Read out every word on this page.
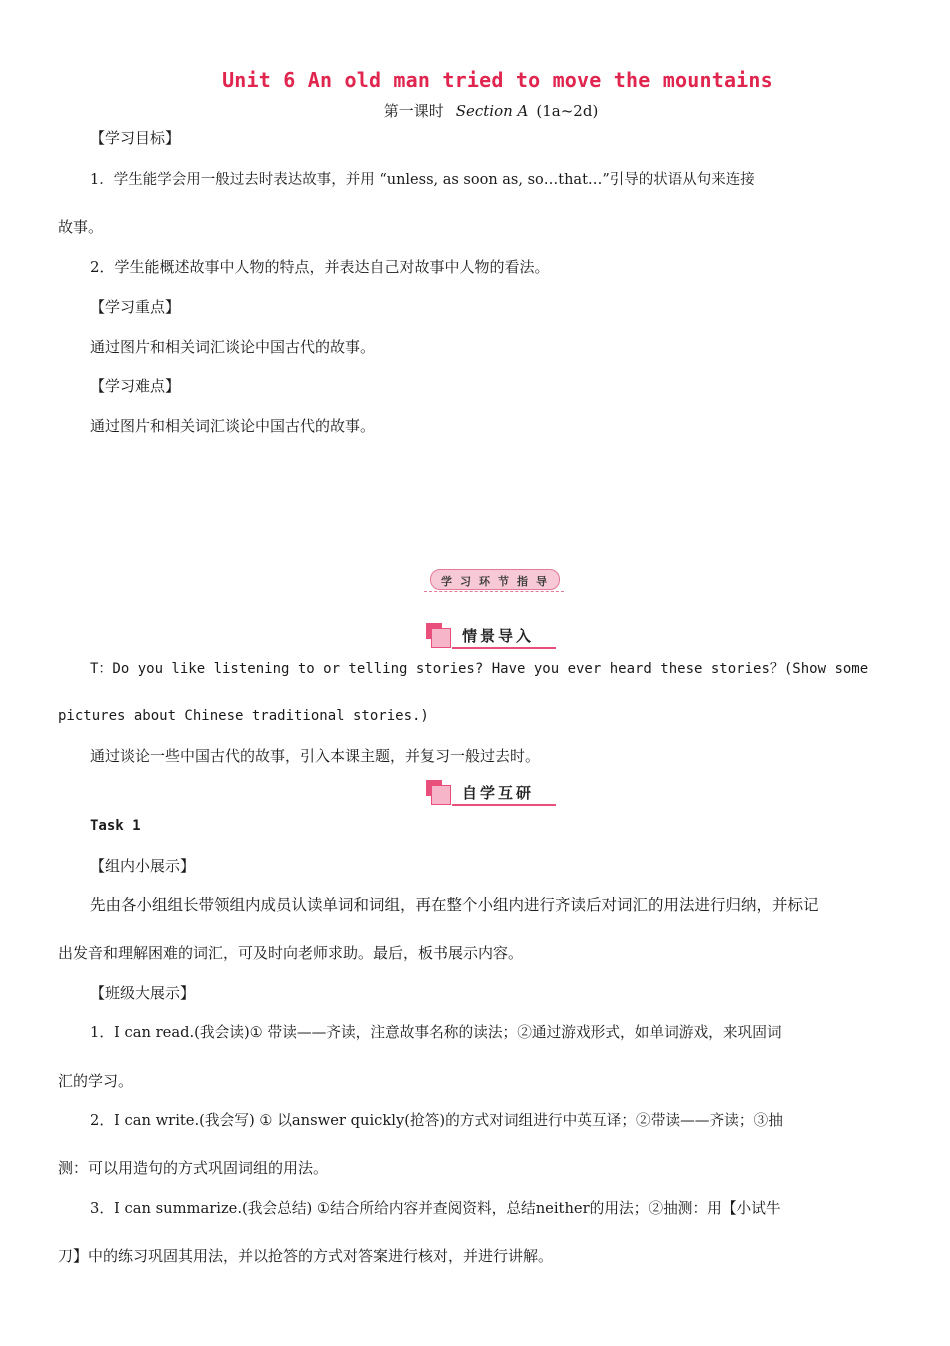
Unit 6 An old man tried to move the mountains
第一课时 Section A (1a~2d)
【学习目标】
1．学生能学会用一般过去时表达故事，并用 “unless, as soon as, so…that…”引导的状语从句来连接
故事。
2．学生能概述故事中人物的特点，并表达自己对故事中人物的看法。
【学习重点】
通过图片和相关词汇谈论中国古代的故事。
【学习难点】
通过图片和相关词汇谈论中国古代的故事。
学 习 环 节 指 导
情景导入
T：Do you like listening to or telling stories? Have you ever heard these stories？(Show some
pictures about Chinese traditional stories.)
通过谈论一些中国古代的故事，引入本课主题，并复习一般过去时。
自学互研
Task 1
【组内小展示】
先由各小组组长带领组内成员认读单词和词组，再在整个小组内进行齐读后对词汇的用法进行归纳，并标记
出发音和理解困难的词汇，可及时向老师求助。最后，板书展示内容。
【班级大展示】
1．I can read.(我会读)① 带读——齐读，注意故事名称的读法；②通过游戏形式，如单词游戏，来巩固词
汇的学习。
2．I can write.(我会写) ① 以answer quickly(抢答)的方式对词组进行中英互译；②带读——齐读；③抽
测：可以用造句的方式巩固词组的用法。
3．I can summarize.(我会总结) ①结合所给内容并查阅资料，总结neither的用法；②抽测：用【小试牛
刀】中的练习巩固其用法，并以抢答的方式对答案进行核对，并进行讲解。
